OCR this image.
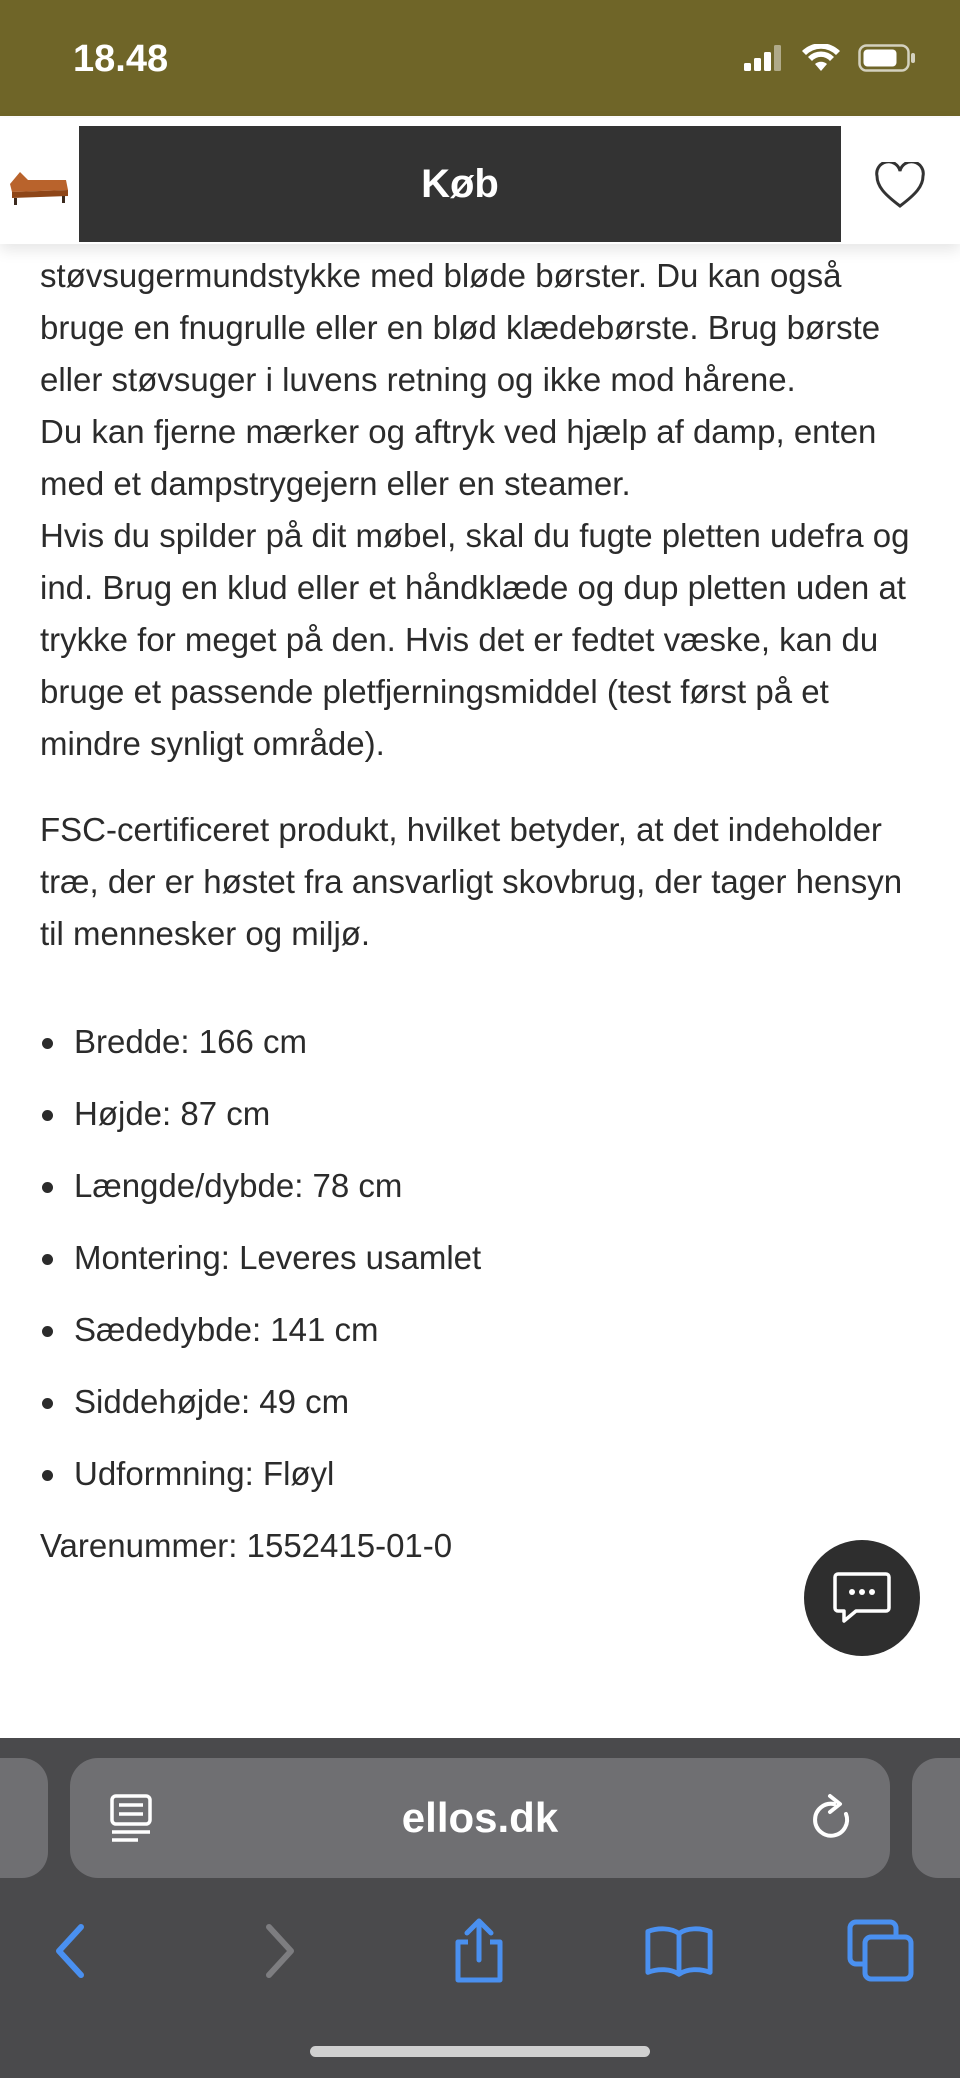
18.48
Køb

støvsugermundstykke med bløde børster. Du kan også bruge en fnugrulle eller en blød klædebørste. Brug børste eller støvsuger i luvens retning og ikke mod hårene.

Du kan fjerne mærker og aftryk ved hjælp af damp, enten med et dampstrygejern eller en steamer.

Hvis du spilder på dit møbel, skal du fugte pletten udefra og ind. Brug en klud eller et håndklæde og dup pletten uden at trykke for meget på den. Hvis det er fedtet væske, kan du bruge et passende pletfjerningsmiddel (test først på et mindre synligt område).

FSC-certificeret produkt, hvilket betyder, at det indeholder træ, der er høstet fra ansvarligt skovbrug, der tager hensyn til mennesker og miljø.

Bredde: 166 cm
Højde: 87 cm
Længde/dybde: 78 cm
Montering: Leveres usamlet
Sædedybde: 141 cm
Siddehøjde: 49 cm
Udformning: Fløyl

Varenummer: 1552415-01-0

ellos.dk
